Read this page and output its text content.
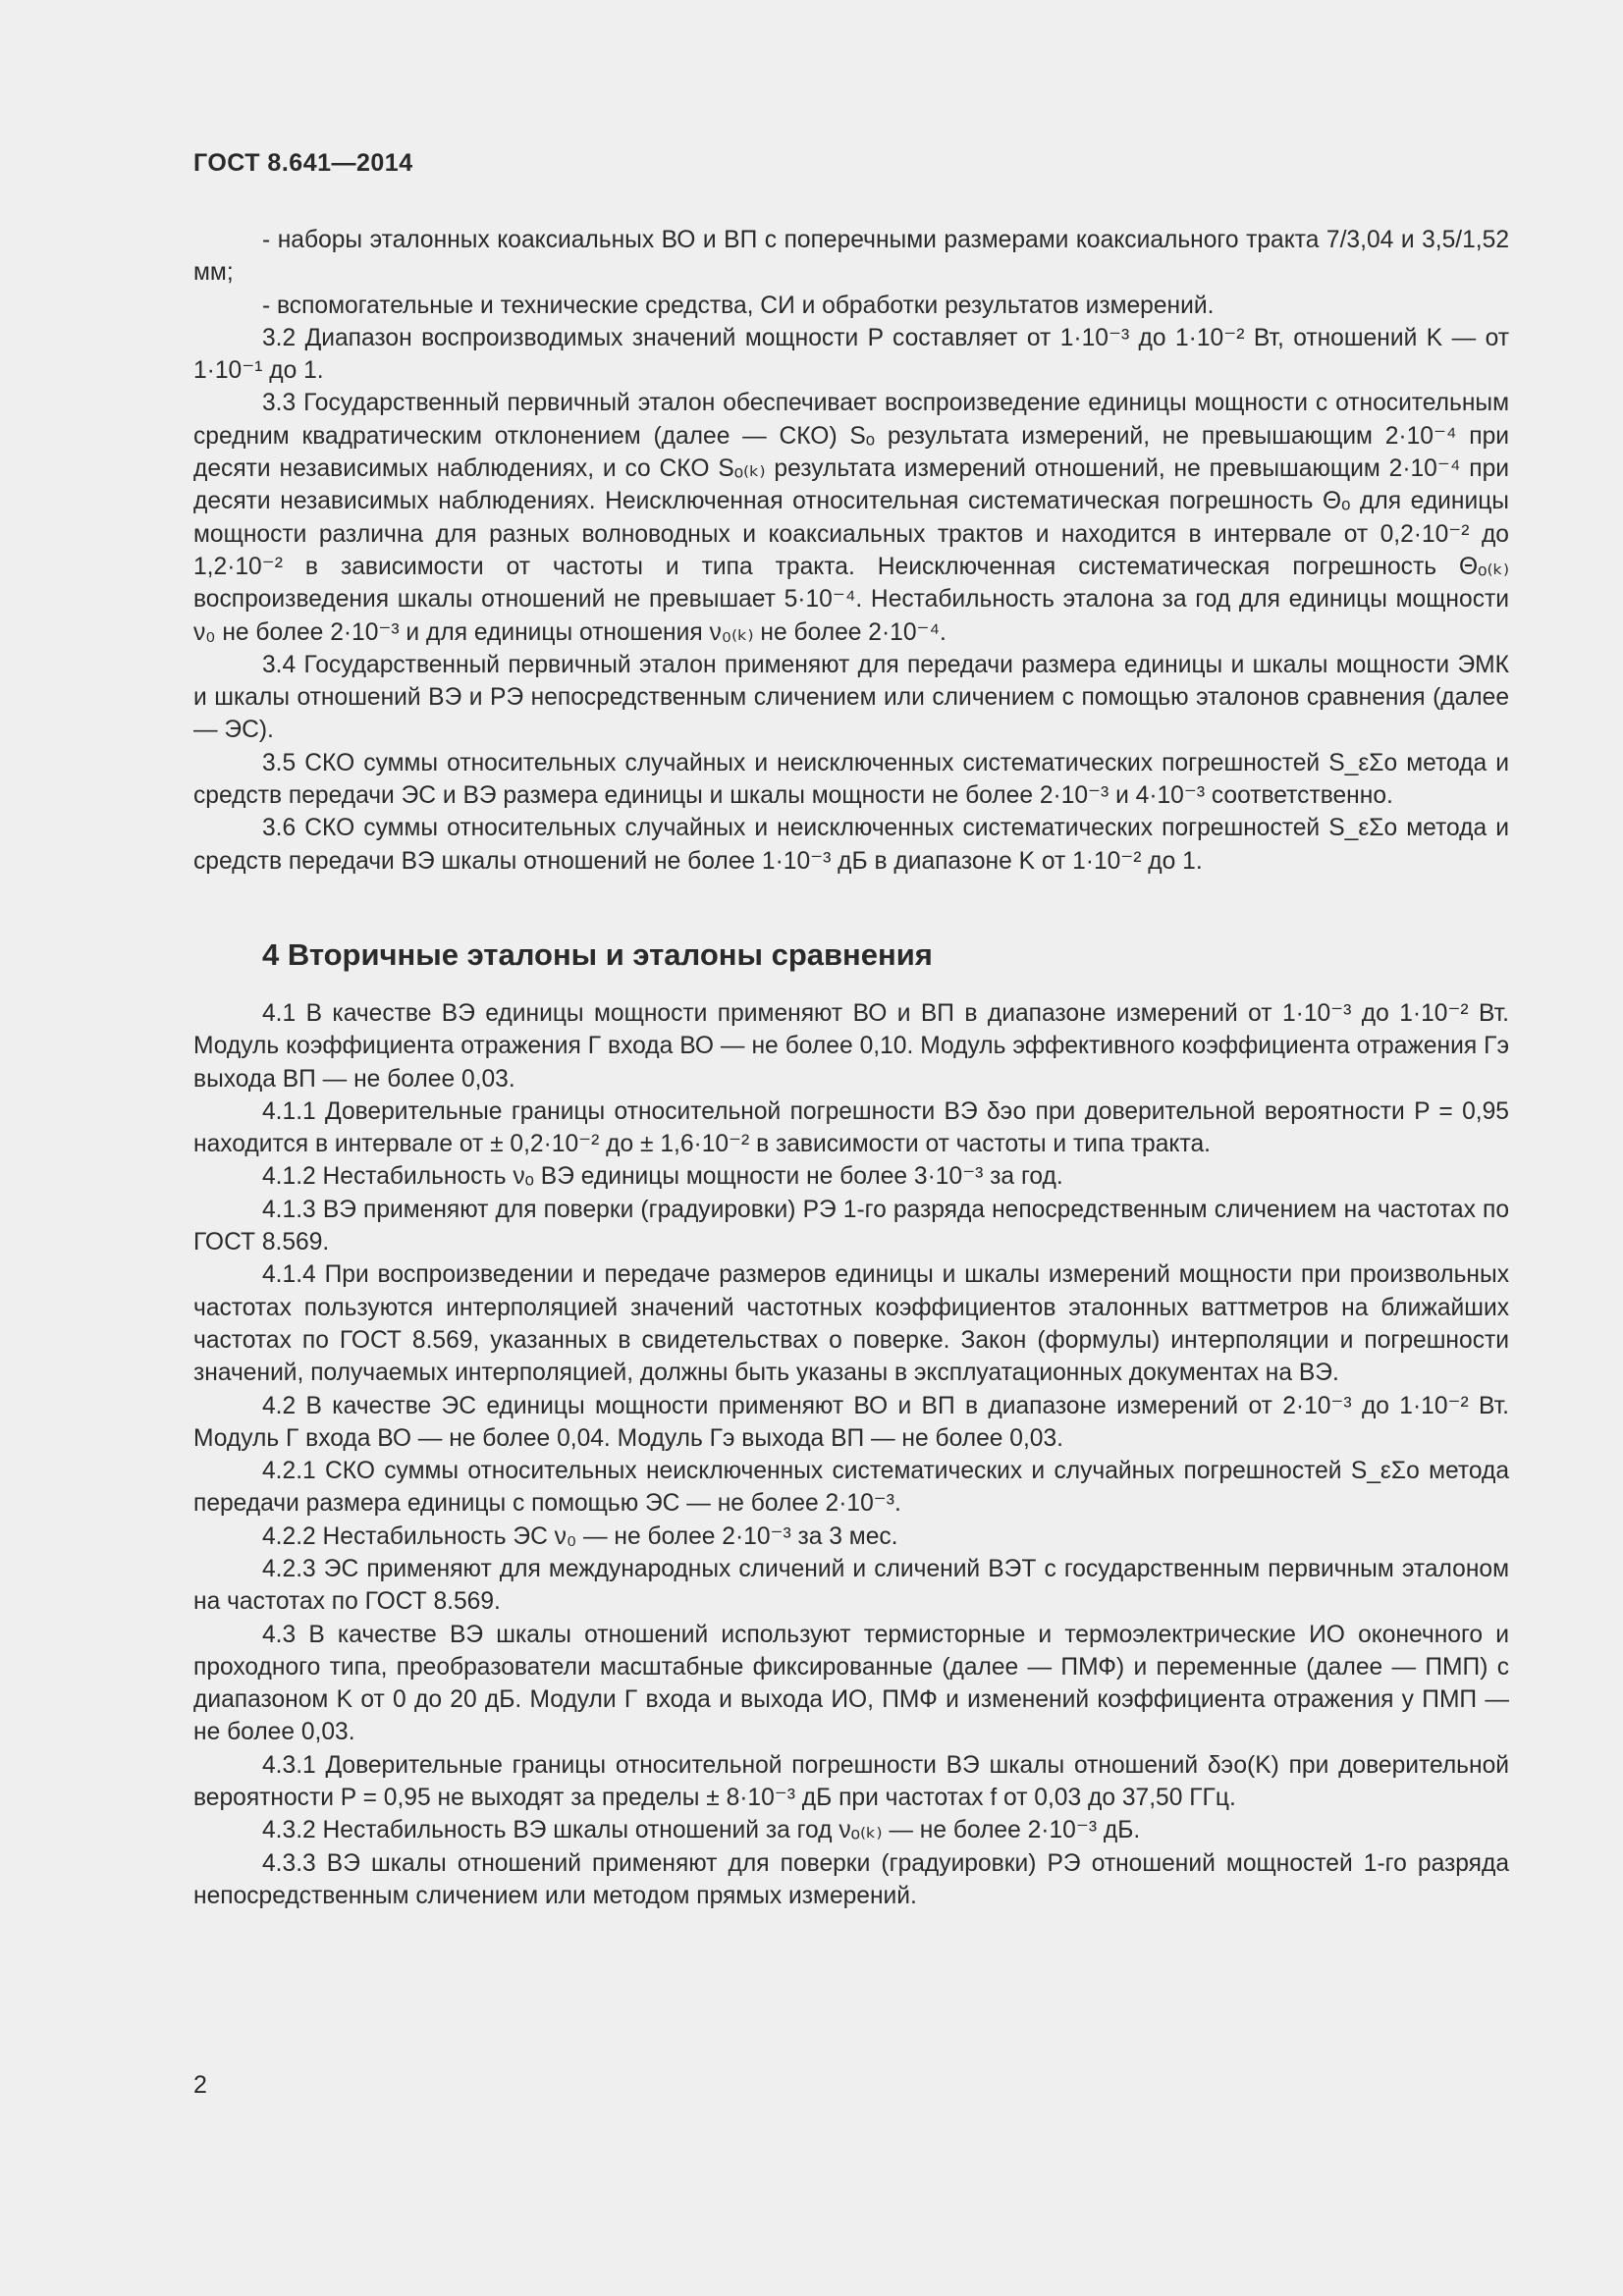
ГОСТ 8.641—2014

- наборы эталонных коаксиальных ВО и ВП с поперечными размерами коаксиального тракта 7/3,04 и 3,5/1,52 мм;

- вспомогательные и технические средства, СИ и обработки результатов измерений.

3.2 Диапазон воспроизводимых значений мощности P составляет от 1·10⁻³ до 1·10⁻² Вт, отношений K — от 1·10⁻¹ до 1.

3.3 Государственный первичный эталон обеспечивает воспроизведение единицы мощности с относительным средним квадратическим отклонением (далее — СКО) Sₒ результата измерений, не превышающим 2·10⁻⁴ при десяти независимых наблюдениях, и со СКО Sₒ₍ₖ₎ результата измерений отношений, не превышающим 2·10⁻⁴ при десяти независимых наблюдениях. Неисключенная относительная систематическая погрешность Θₒ для единицы мощности различна для разных волноводных и коаксиальных трактов и находится в интервале от 0,2·10⁻² до 1,2·10⁻² в зависимости от частоты и типа тракта. Неисключенная систематическая погрешность Θₒ₍ₖ₎ воспроизведения шкалы отношений не превышает 5·10⁻⁴. Нестабильность эталона за год для единицы мощности ν₀ не более 2·10⁻³ и для единицы отношения ν₀₍ₖ₎ не более 2·10⁻⁴.

3.4 Государственный первичный эталон применяют для передачи размера единицы и шкалы мощности ЭМК и шкалы отношений ВЭ и РЭ непосредственным сличением или сличением с помощью эталонов сравнения (далее — ЭС).

3.5 СКО суммы относительных случайных и неисключенных систематических погрешностей S_εΣo метода и средств передачи ЭС и ВЭ размера единицы и шкалы мощности не более 2·10⁻³ и 4·10⁻³ соответственно.

3.6 СКО суммы относительных случайных и неисключенных систематических погрешностей S_εΣo метода и средств передачи ВЭ шкалы отношений не более 1·10⁻³ дБ в диапазоне K от 1·10⁻² до 1.

4 Вторичные эталоны и эталоны сравнения

4.1 В качестве ВЭ единицы мощности применяют ВО и ВП в диапазоне измерений от 1·10⁻³ до 1·10⁻² Вт. Модуль коэффициента отражения Г входа ВО — не более 0,10. Модуль эффективного коэффициента отражения Гэ выхода ВП — не более 0,03.

4.1.1 Доверительные границы относительной погрешности ВЭ δэо при доверительной вероятности P = 0,95 находится в интервале от ± 0,2·10⁻² до ± 1,6·10⁻² в зависимости от частоты и типа тракта.

4.1.2 Нестабильность νₒ ВЭ единицы мощности не более 3·10⁻³ за год.

4.1.3 ВЭ применяют для поверки (градуировки) РЭ 1-го разряда непосредственным сличением на частотах по ГОСТ 8.569.

4.1.4 При воспроизведении и передаче размеров единицы и шкалы измерений мощности при произвольных частотах пользуются интерполяцией значений частотных коэффициентов эталонных ваттметров на ближайших частотах по ГОСТ 8.569, указанных в свидетельствах о поверке. Закон (формулы) интерполяции и погрешности значений, получаемых интерполяцией, должны быть указаны в эксплуатационных документах на ВЭ.

4.2 В качестве ЭС единицы мощности применяют ВО и ВП в диапазоне измерений от 2·10⁻³ до 1·10⁻² Вт. Модуль Г входа ВО — не более 0,04. Модуль Гэ выхода ВП — не более 0,03.

4.2.1 СКО суммы относительных неисключенных систематических и случайных погрешностей S_εΣo метода передачи размера единицы с помощью ЭС — не более 2·10⁻³.

4.2.2 Нестабильность ЭС ν₀ — не более 2·10⁻³ за 3 мес.

4.2.3 ЭС применяют для международных сличений и сличений ВЭТ с государственным первичным эталоном на частотах по ГОСТ 8.569.

4.3 В качестве ВЭ шкалы отношений используют термисторные и термоэлектрические ИО оконечного и проходного типа, преобразователи масштабные фиксированные (далее — ПМФ) и переменные (далее — ПМП) с диапазоном K от 0 до 20 дБ. Модули Г входа и выхода ИО, ПМФ и изменений коэффициента отражения у ПМП — не более 0,03.

4.3.1 Доверительные границы относительной погрешности ВЭ шкалы отношений δэо(K) при доверительной вероятности P = 0,95 не выходят за пределы ± 8·10⁻³ дБ при частотах f от 0,03 до 37,50 ГГц.

4.3.2 Нестабильность ВЭ шкалы отношений за год νₒ₍ₖ₎ — не более 2·10⁻³ дБ.

4.3.3 ВЭ шкалы отношений применяют для поверки (градуировки) РЭ отношений мощностей 1-го разряда непосредственным сличением или методом прямых измерений.

2
